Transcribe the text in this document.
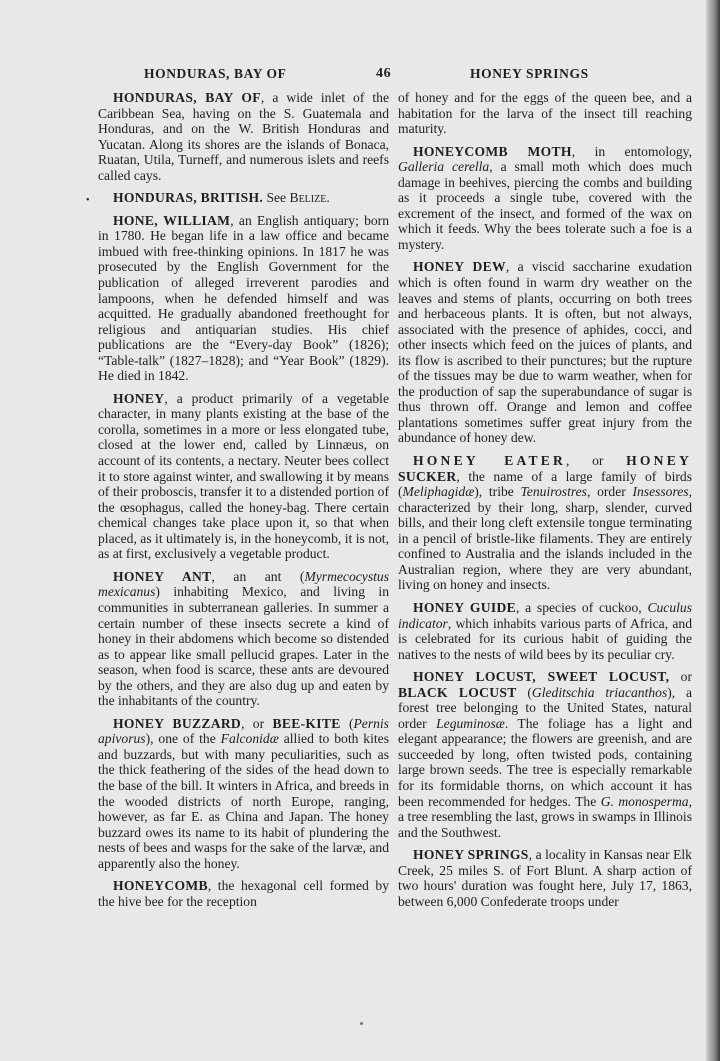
HONDURAS, BAY OF	46	HONEY SPRINGS
•

HONDURAS, BAY OF, a wide inlet of the Caribbean Sea, having on the S. Guatemala and Honduras, and on the W. British Honduras and Yucatan. Along its shores are the islands of Bonaca, Ruatan, Utila, Turneff, and numerous islets and reefs called cays.

HONDURAS, BRITISH. See Belize.

HONE, WILLIAM, an English antiquary; born in 1780. He began life in a law office and became imbued with free-thinking opinions. In 1817 he was prosecuted by the English Government for the publication of alleged irreverent parodies and lampoons, when he defended himself and was acquitted. He gradually abandoned freethought for religious and antiquarian studies. His chief publications are the “Every-day Book” (1826); “Table-talk” (1827–1828); and “Year Book” (1829). He died in 1842.

HONEY, a product primarily of a vegetable character, in many plants existing at the base of the corolla, sometimes in a more or less elongated tube, closed at the lower end, called by Linnæus, on account of its contents, a nectary. Neuter bees collect it to store against winter, and swallowing it by means of their proboscis, transfer it to a distended portion of the œsophagus, called the honey-bag. There certain chemical changes take place upon it, so that when placed, as it ultimately is, in the honeycomb, it is not, as at first, exclusively a vegetable product.

HONEY ANT, an ant (Myrmecocystus mexicanus) inhabiting Mexico, and living in communities in subterranean galleries. In summer a certain number of these insects secrete a kind of honey in their abdomens which become so distended as to appear like small pellucid grapes. Later in the season, when food is scarce, these ants are devoured by the others, and they are also dug up and eaten by the inhabitants of the country.

HONEY BUZZARD, or BEE-KITE (Pernis apivorus), one of the Falconidæ allied to both kites and buzzards, but with many peculiarities, such as the thick feathering of the sides of the head down to the base of the bill. It winters in Africa, and breeds in the wooded districts of north Europe, ranging, however, as far E. as China and Japan. The honey buzzard owes its name to its habit of plundering the nests of bees and wasps for the sake of the larvæ, and apparently also the honey.

HONEYCOMB, the hexagonal cell formed by the hive bee for the reception

of honey and for the eggs of the queen bee, and a habitation for the larva of the insect till reaching maturity.

HONEYCOMB MOTH, in entomology, Galleria cerella, a small moth which does much damage in beehives, piercing the combs and building as it proceeds a single tube, covered with the excrement of the insect, and formed of the wax on which it feeds. Why the bees tolerate such a foe is a mystery.

HONEY DEW, a viscid saccharine exudation which is often found in warm dry weather on the leaves and stems of plants, occurring on both trees and herbaceous plants. It is often, but not always, associated with the presence of aphides, cocci, and other insects which feed on the juices of plants, and its flow is ascribed to their punctures; but the rupture of the tissues may be due to warm weather, when for the production of sap the superabundance of sugar is thus thrown off. Orange and lemon and coffee plantations sometimes suffer great injury from the abundance of honey dew.

HONEY EATER, or HONEY SUCKER, the name of a large family of birds (Meliphagidæ), tribe Tenuirostres, order Insessores, characterized by their long, sharp, slender, curved bills, and their long cleft extensile tongue terminating in a pencil of bristle-like filaments. They are entirely confined to Australia and the islands included in the Australian region, where they are very abundant, living on honey and insects.

HONEY GUIDE, a species of cuckoo, Cuculus indicator, which inhabits various parts of Africa, and is celebrated for its curious habit of guiding the natives to the nests of wild bees by its peculiar cry.

HONEY LOCUST, SWEET LOCUST, or BLACK LOCUST (Gleditschia triacanthos), a forest tree belonging to the United States, natural order Leguminosæ. The foliage has a light and elegant appearance; the flowers are greenish, and are succeeded by long, often twisted pods, containing large brown seeds. The tree is especially remarkable for its formidable thorns, on which account it has been recommended for hedges. The G. monosperma, a tree resembling the last, grows in swamps in Illinois and the Southwest.

HONEY SPRINGS, a locality in Kansas near Elk Creek, 25 miles S. of Fort Blunt. A sharp action of two hours' duration was fought here, July 17, 1863, between 6,000 Confederate troops under
